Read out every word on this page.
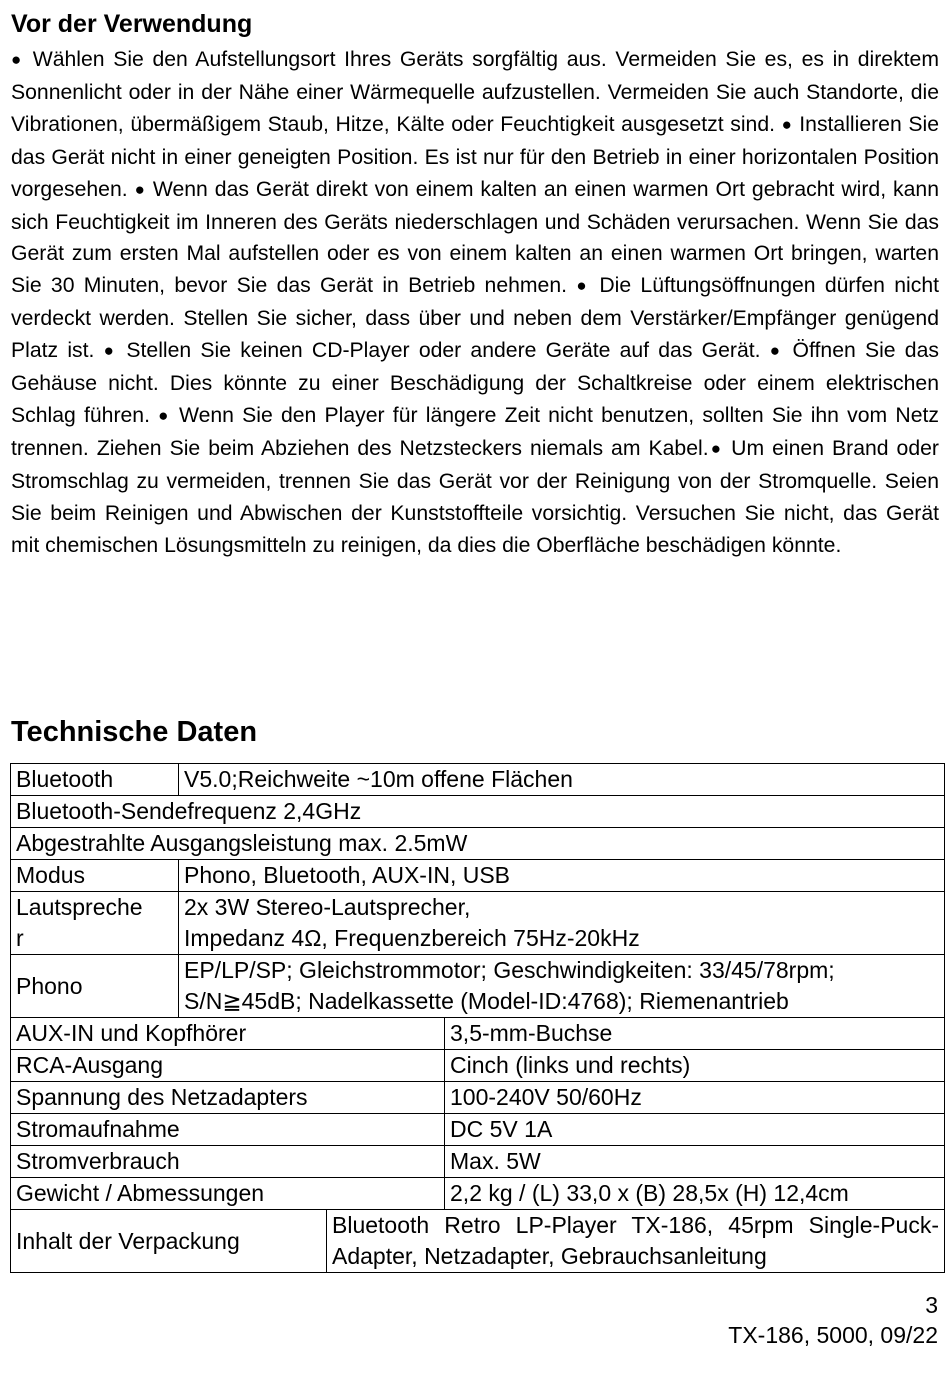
Vor der Verwendung
● Wählen Sie den Aufstellungsort Ihres Geräts sorgfältig aus. Vermeiden Sie es, es in direktem Sonnenlicht oder in der Nähe einer Wärmequelle aufzustellen. Vermeiden Sie auch Standorte, die Vibrationen, übermäßigem Staub, Hitze, Kälte oder Feuchtigkeit ausgesetzt sind. ● Installieren Sie das Gerät nicht in einer geneigten Position. Es ist nur für den Betrieb in einer horizontalen Position vorgesehen. ● Wenn das Gerät direkt von einem kalten an einen warmen Ort gebracht wird, kann sich Feuchtigkeit im Inneren des Geräts niederschlagen und Schäden verursachen. Wenn Sie das Gerät zum ersten Mal aufstellen oder es von einem kalten an einen warmen Ort bringen, warten Sie 30 Minuten, bevor Sie das Gerät in Betrieb nehmen. ● Die Lüftungsöffnungen dürfen nicht verdeckt werden. Stellen Sie sicher, dass über und neben dem Verstärker/Empfänger genügend Platz ist. ● Stellen Sie keinen CD-Player oder andere Geräte auf das Gerät. ● Öffnen Sie das Gehäuse nicht. Dies könnte zu einer Beschädigung der Schaltkreise oder einem elektrischen Schlag führen. ● Wenn Sie den Player für längere Zeit nicht benutzen, sollten Sie ihn vom Netz trennen. Ziehen Sie beim Abziehen des Netzsteckers niemals am Kabel.● Um einen Brand oder Stromschlag zu vermeiden, trennen Sie das Gerät vor der Reinigung von der Stromquelle. Seien Sie beim Reinigen und Abwischen der Kunststoffteile vorsichtig. Versuchen Sie nicht, das Gerät mit chemischen Lösungsmitteln zu reinigen, da dies die Oberfläche beschädigen könnte.
Technische Daten
Bluetooth	V5.0;Reichweite ~10m offene Flächen		
Bluetooth-Sendefrequenz 2,4GHz			
Abgestrahlte Ausgangsleistung max. 2.5mW			
Modus	Phono, Bluetooth, AUX-IN, USB		
Lautspreche
r	2x 3W Stereo-Lautsprecher,
Impedanz 4Ω, Frequenzbereich 75Hz-20kHz		
Phono	EP/LP/SP; Gleichstrommotor; Geschwindigkeiten: 33/45/78rpm;
S/N≧45dB; Nadelkassette (Model-ID:4768); Riemenantrieb		
AUX-IN und Kopfhörer			3,5-mm-Buchse
RCA-Ausgang			Cinch (links und rechts)
Spannung des Netzadapters			100-240V 50/60Hz
Stromaufnahme			DC 5V 1A
Stromverbrauch			Max. 5W
Gewicht / Abmessungen			2,2 kg / (L) 33,0 x (B) 28,5x (H) 12,4cm
Inhalt der Verpackung		Bluetooth Retro LP-Player TX-186, 45rpm Single-Puck-Adapter, Netzadapter, Gebrauchsanleitung	
3
TX-186, 5000, 09/22
